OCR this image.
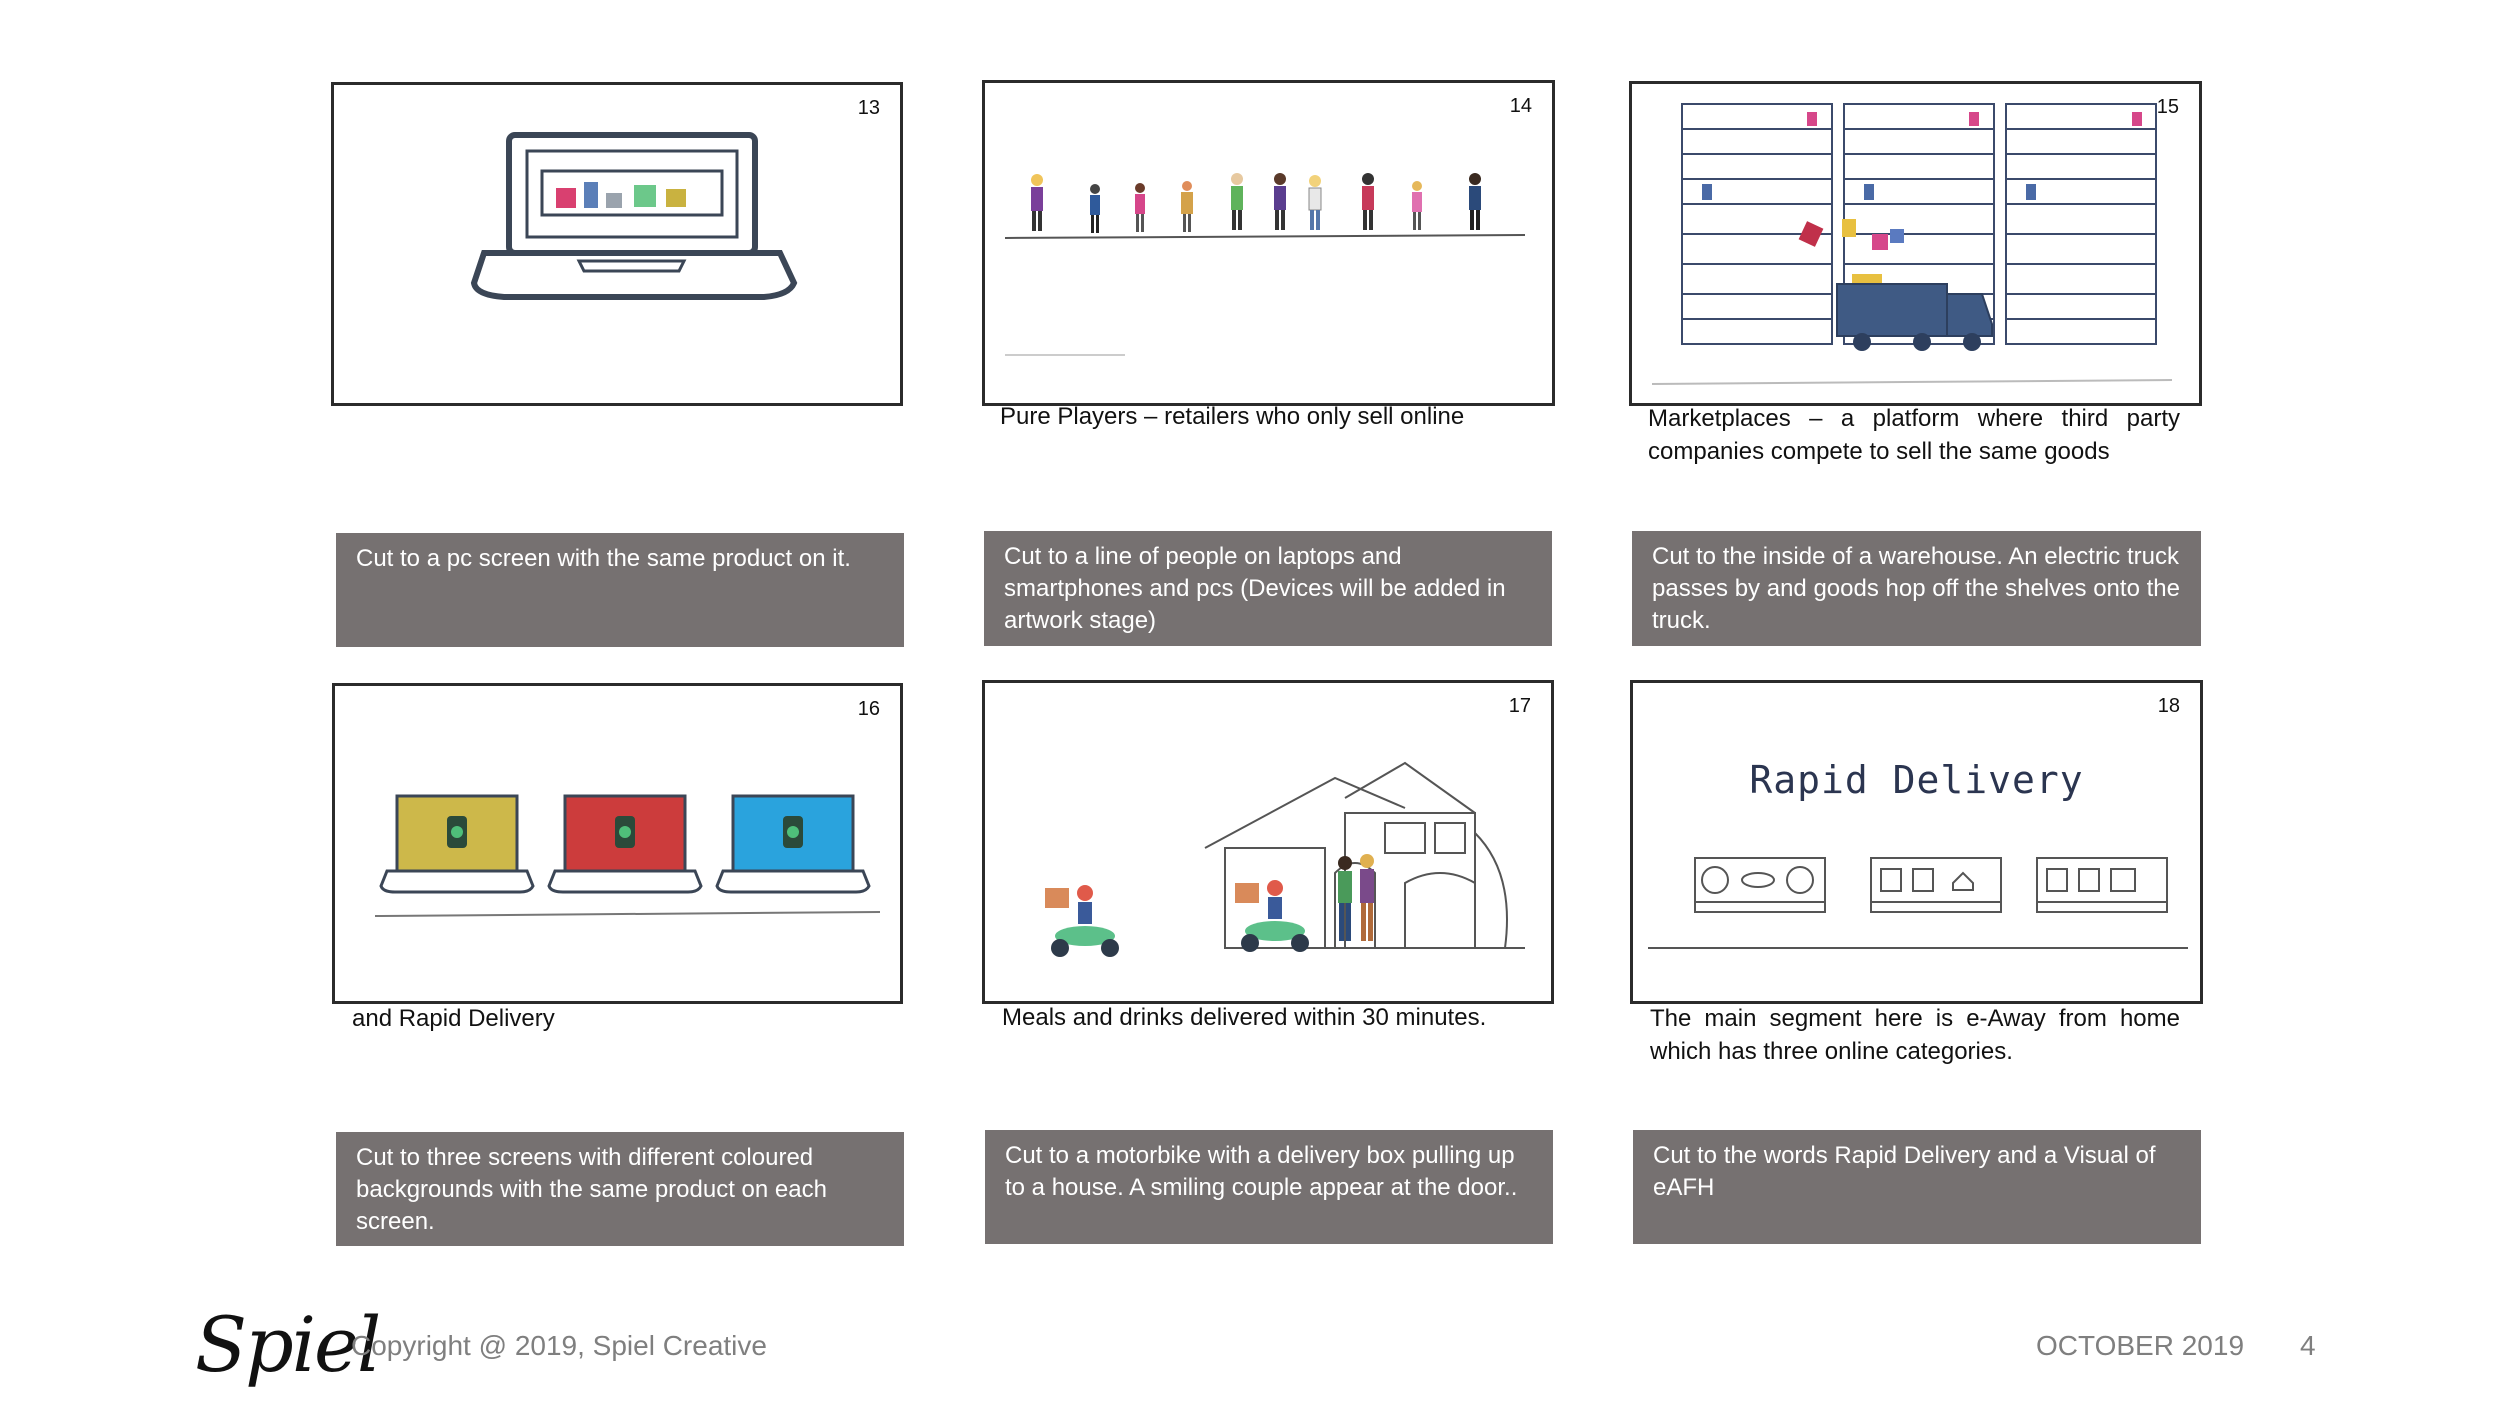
13	14
Pure Players – retailers who only sell online
15
Marketplaces – a platform where third party companies compete to sell the same goods
Cut to a pc screen with the same product on it.	Cut to a line of people on laptops and smartphones and pcs (Devices will be added in artwork stage)
Cut to the inside of a warehouse. An electric truck passes by and goods hop off the shelves onto the truck.
16
and Rapid Delivery
17
Meals and drinks delivered within 30 minutes.
18
Rapid Delivery
The main segment here is e-Away from home which has three online categories.
Cut to three screens with different coloured backgrounds with the same product on each screen.
Cut to a motorbike with a delivery box pulling up to a house. A smiling couple appear at the door..
Cut to the words Rapid Delivery and a Visual of eAFH
Spiel
Copyright @ 2019, Spiel Creative	OCTOBER 2019 4
